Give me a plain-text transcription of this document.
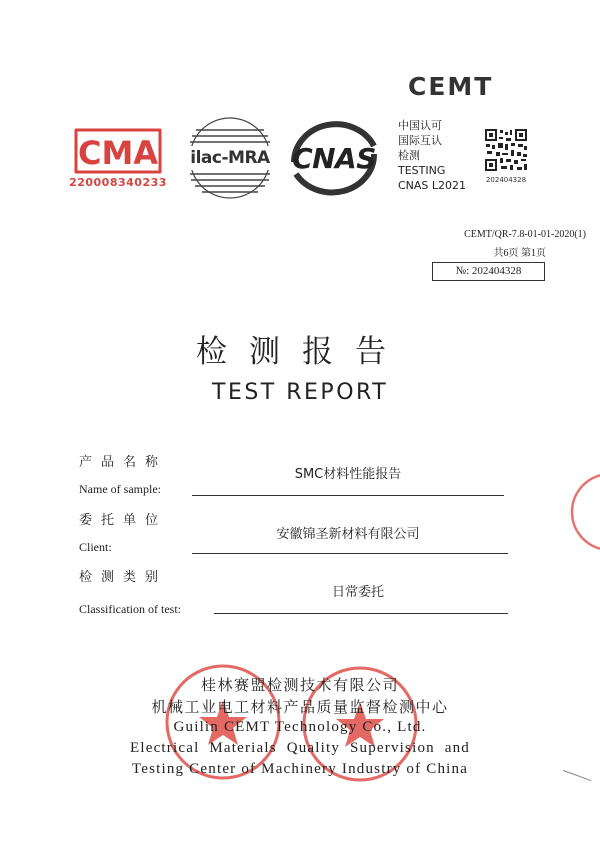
CMA
220008340233
ilac-MRA CNAS
CEMT
中国认可
国际互认
检测
TESTING
CNAS L2021	202404328
CEMT/QR-7.8-01-01-2020(1)
共6页 第1页
№: 202404328
检测报告
TEST REPORT
产品名称
SMC材料性能报告
Name of sample:
委托单位
安徽锦圣新材料有限公司
Client:
检测类别
日常委托
Classification of test:
桂林赛盟检测技术有限公司
机械工业电工材料产品质量监督检测中心
Guilin CEMT Technology Co., Ltd.
Electrical  Materials  Quality  Supervision  and
Testing Center of Machinery Industry of China
